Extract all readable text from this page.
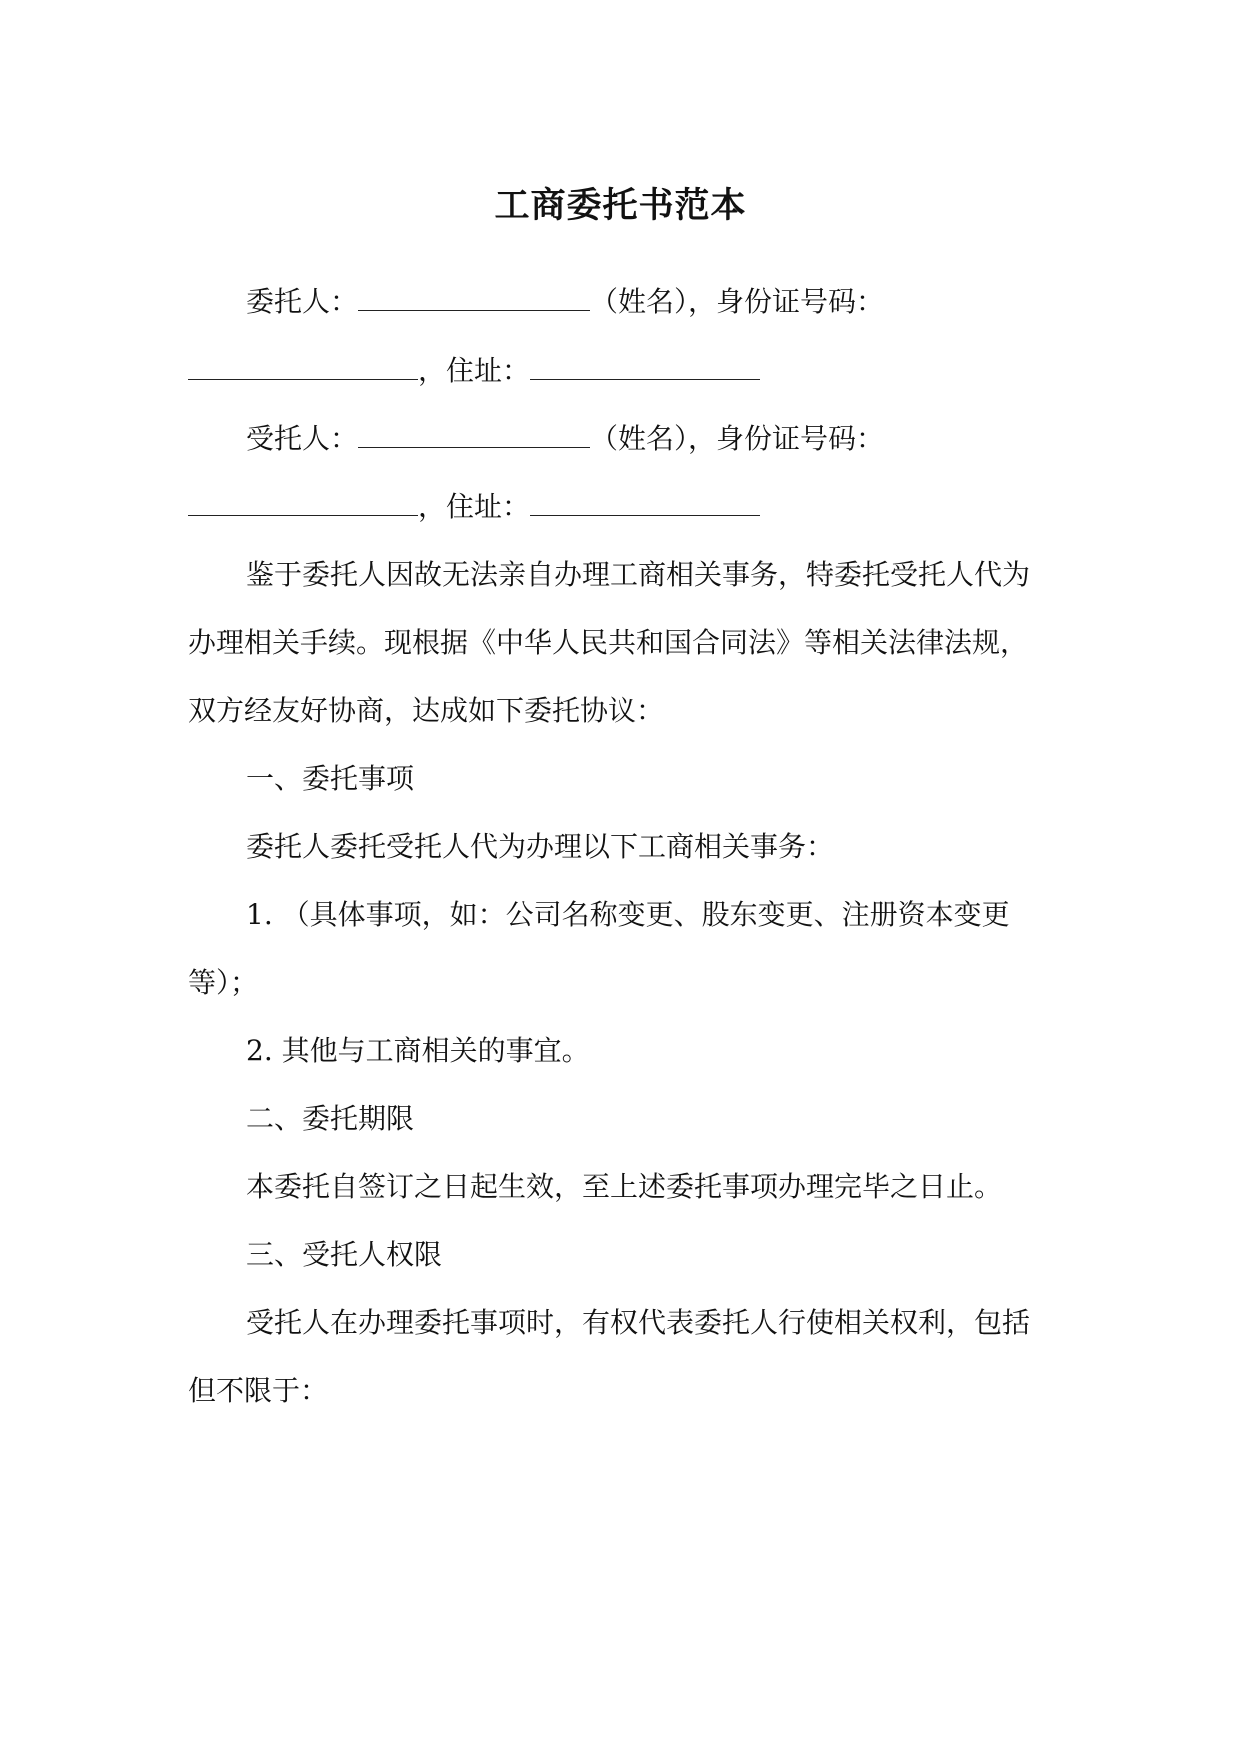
工商委托书范本
委托人：	（姓名），身份证号码：
，住址：
受托人：	（姓名），身份证号码：
，住址：
鉴于委托人因故无法亲自办理工商相关事务，特委托受托人代为
办理相关手续。现根据《中华人民共和国合同法》等相关法律法规，
双方经友好协商，达成如下委托协议：
一、委托事项
委托人委托受托人代为办理以下工商相关事务：
1. （具体事项，如：公司名称变更、股东变更、注册资本变更
等）；
2. 其他与工商相关的事宜。
二、委托期限
本委托自签订之日起生效，至上述委托事项办理完毕之日止。
三、受托人权限
受托人在办理委托事项时，有权代表委托人行使相关权利，包括
但不限于：
